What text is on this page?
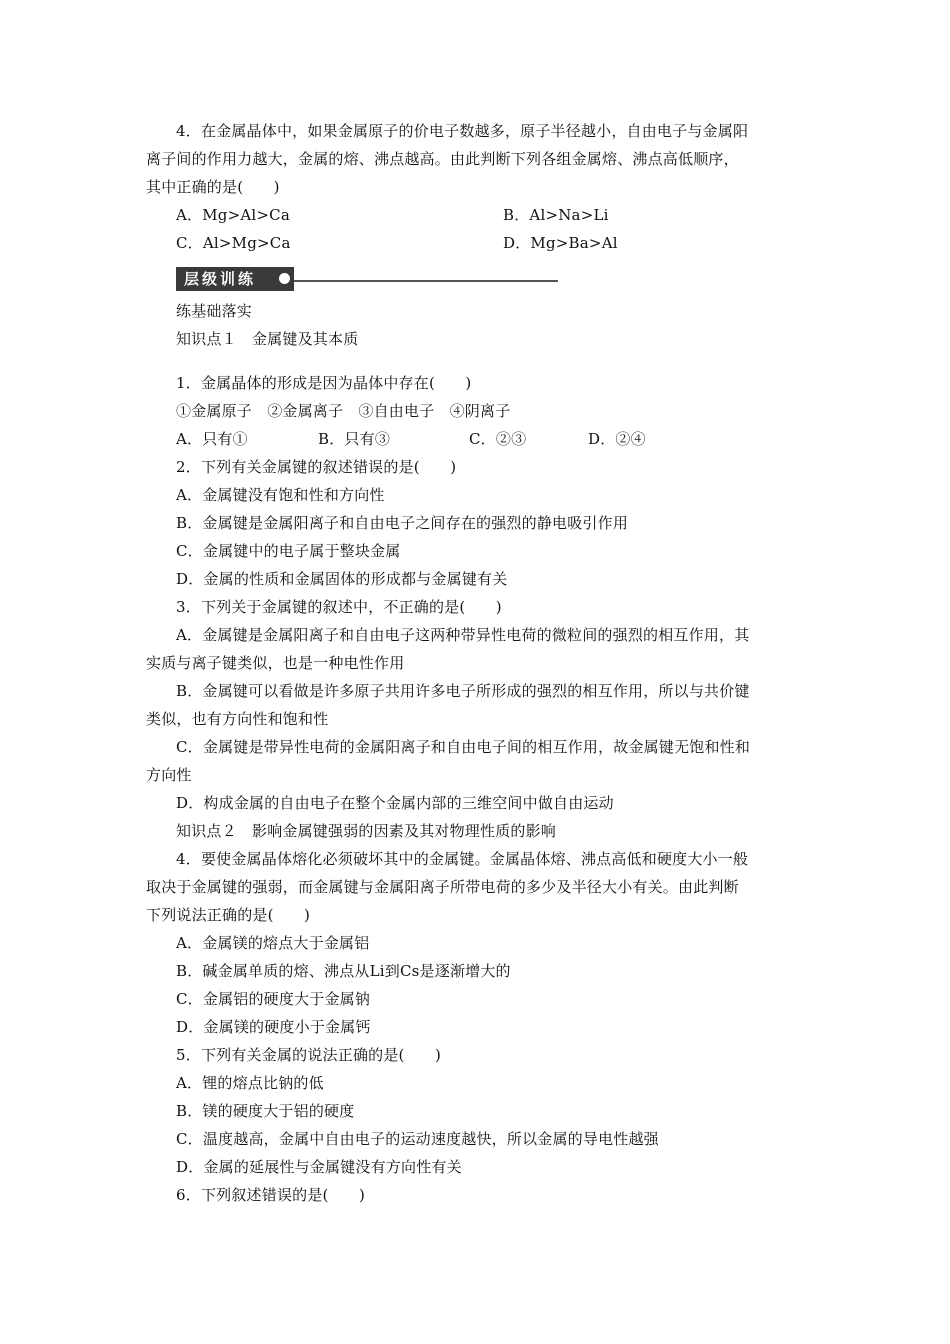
4．在金属晶体中，如果金属原子的价电子数越多，原子半径越小，自由电子与金属阳
离子间的作用力越大，金属的熔、沸点越高。由此判断下列各组金属熔、沸点高低顺序，
其中正确的是(　　)
A．Mg>Al>Ca	B．Al>Na>Li
C．Al>Mg>Ca	D．Mg>Ba>Al
层级训练
练基础落实
知识点１　金属键及其本质
1．金属晶体的形成是因为晶体中存在(　　)
①金属原子　②金属离子　③自由电子　④阴离子
A．只有①	B．只有③	C．②③	D．②④
2．下列有关金属键的叙述错误的是(　　)
A．金属键没有饱和性和方向性
B．金属键是金属阳离子和自由电子之间存在的强烈的静电吸引作用
C．金属键中的电子属于整块金属
D．金属的性质和金属固体的形成都与金属键有关
3．下列关于金属键的叙述中，不正确的是(　　)
A．金属键是金属阳离子和自由电子这两种带异性电荷的微粒间的强烈的相互作用，其
实质与离子键类似，也是一种电性作用
B．金属键可以看做是许多原子共用许多电子所形成的强烈的相互作用，所以与共价键
类似，也有方向性和饱和性
C．金属键是带异性电荷的金属阳离子和自由电子间的相互作用，故金属键无饱和性和
方向性
D．构成金属的自由电子在整个金属内部的三维空间中做自由运动
知识点２　影响金属键强弱的因素及其对物理性质的影响
4．要使金属晶体熔化必须破坏其中的金属键。金属晶体熔、沸点高低和硬度大小一般
取决于金属键的强弱，而金属键与金属阳离子所带电荷的多少及半径大小有关。由此判断
下列说法正确的是(　　)
A．金属镁的熔点大于金属铝
B．碱金属单质的熔、沸点从Li到Cs是逐渐增大的
C．金属铝的硬度大于金属钠
D．金属镁的硬度小于金属钙
5．下列有关金属的说法正确的是(　　)
A．锂的熔点比钠的低
B．镁的硬度大于铝的硬度
C．温度越高，金属中自由电子的运动速度越快，所以金属的导电性越强
D．金属的延展性与金属键没有方向性有关
6．下列叙述错误的是(　　)
